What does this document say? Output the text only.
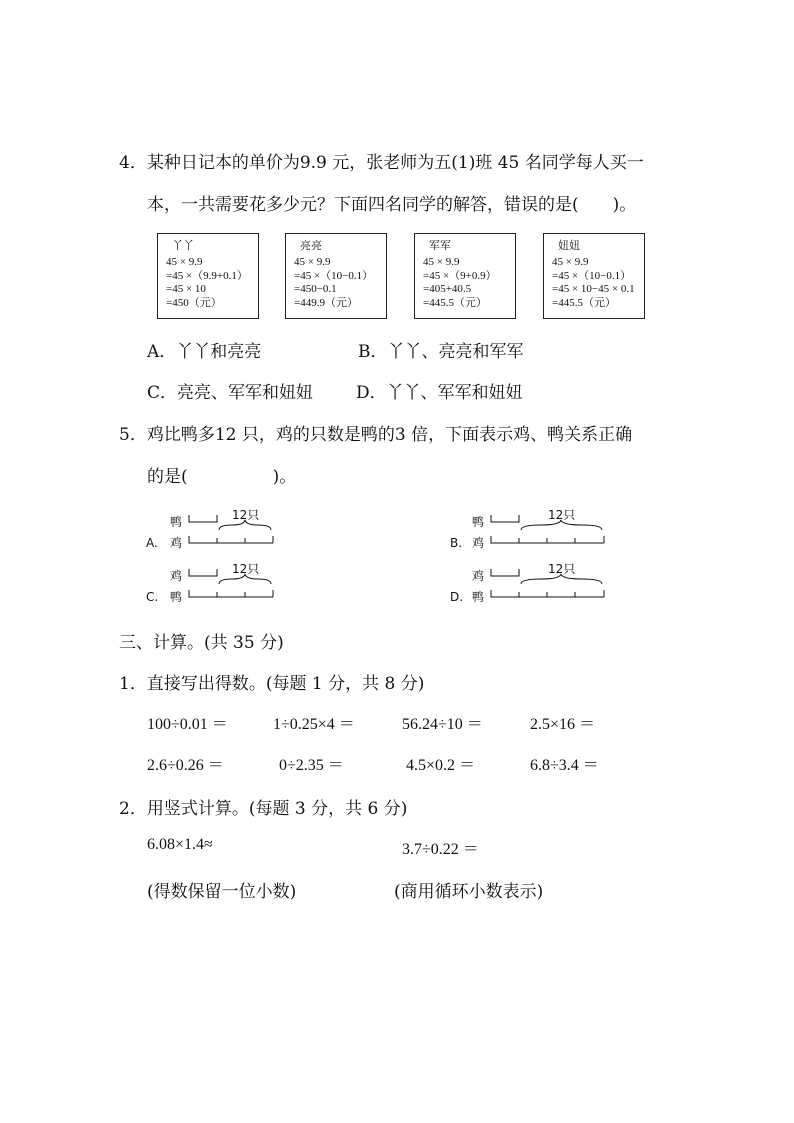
4．某种日记本的单价为9.9 元，张老师为五(1)班 45 名同学每人买一
本，一共需要花多少元？下面四名同学的解答，错误的是(　　)。
丫丫
45 × 9.9
=45 ×（9.9+0.1）
=45 × 10
=450（元）
亮亮
45 × 9.9
=45 ×（10−0.1）
=450−0.1
=449.9（元）
军军
45 × 9.9
=45 ×（9+0.9）
=405+40.5
=445.5（元）
妞妞
45 × 9.9
=45 ×（10−0.1）
=45 × 10−45 × 0.1
=445.5（元）
A．丫丫和亮亮	B．丫丫、亮亮和军军
C．亮亮、军军和妞妞	D．丫丫、军军和妞妞
5．鸡比鸭多12 只，鸡的只数是鸭的3 倍，下面表示鸡、鸭关系正确
的是(　　　　　)。
A.
鸭
鸡
12只
B.
鸭
鸡
12只
C.
鸡
鸭
12只
D.
鸡
鸭
12只
三、计算。(共 35 分)
1．直接写出得数。(每题 1 分，共 8 分)
100÷0.01 ＝	1÷0.25×4 ＝	56.24÷10 ＝	2.5×16 ＝
2.6÷0.26 ＝	0÷2.35 ＝	4.5×0.2 ＝	6.8÷3.4 ＝
2．用竖式计算。(每题 3 分，共 6 分)
6.08×1.4≈	3.7÷0.22 ＝
(得数保留一位小数)	(商用循环小数表示)
